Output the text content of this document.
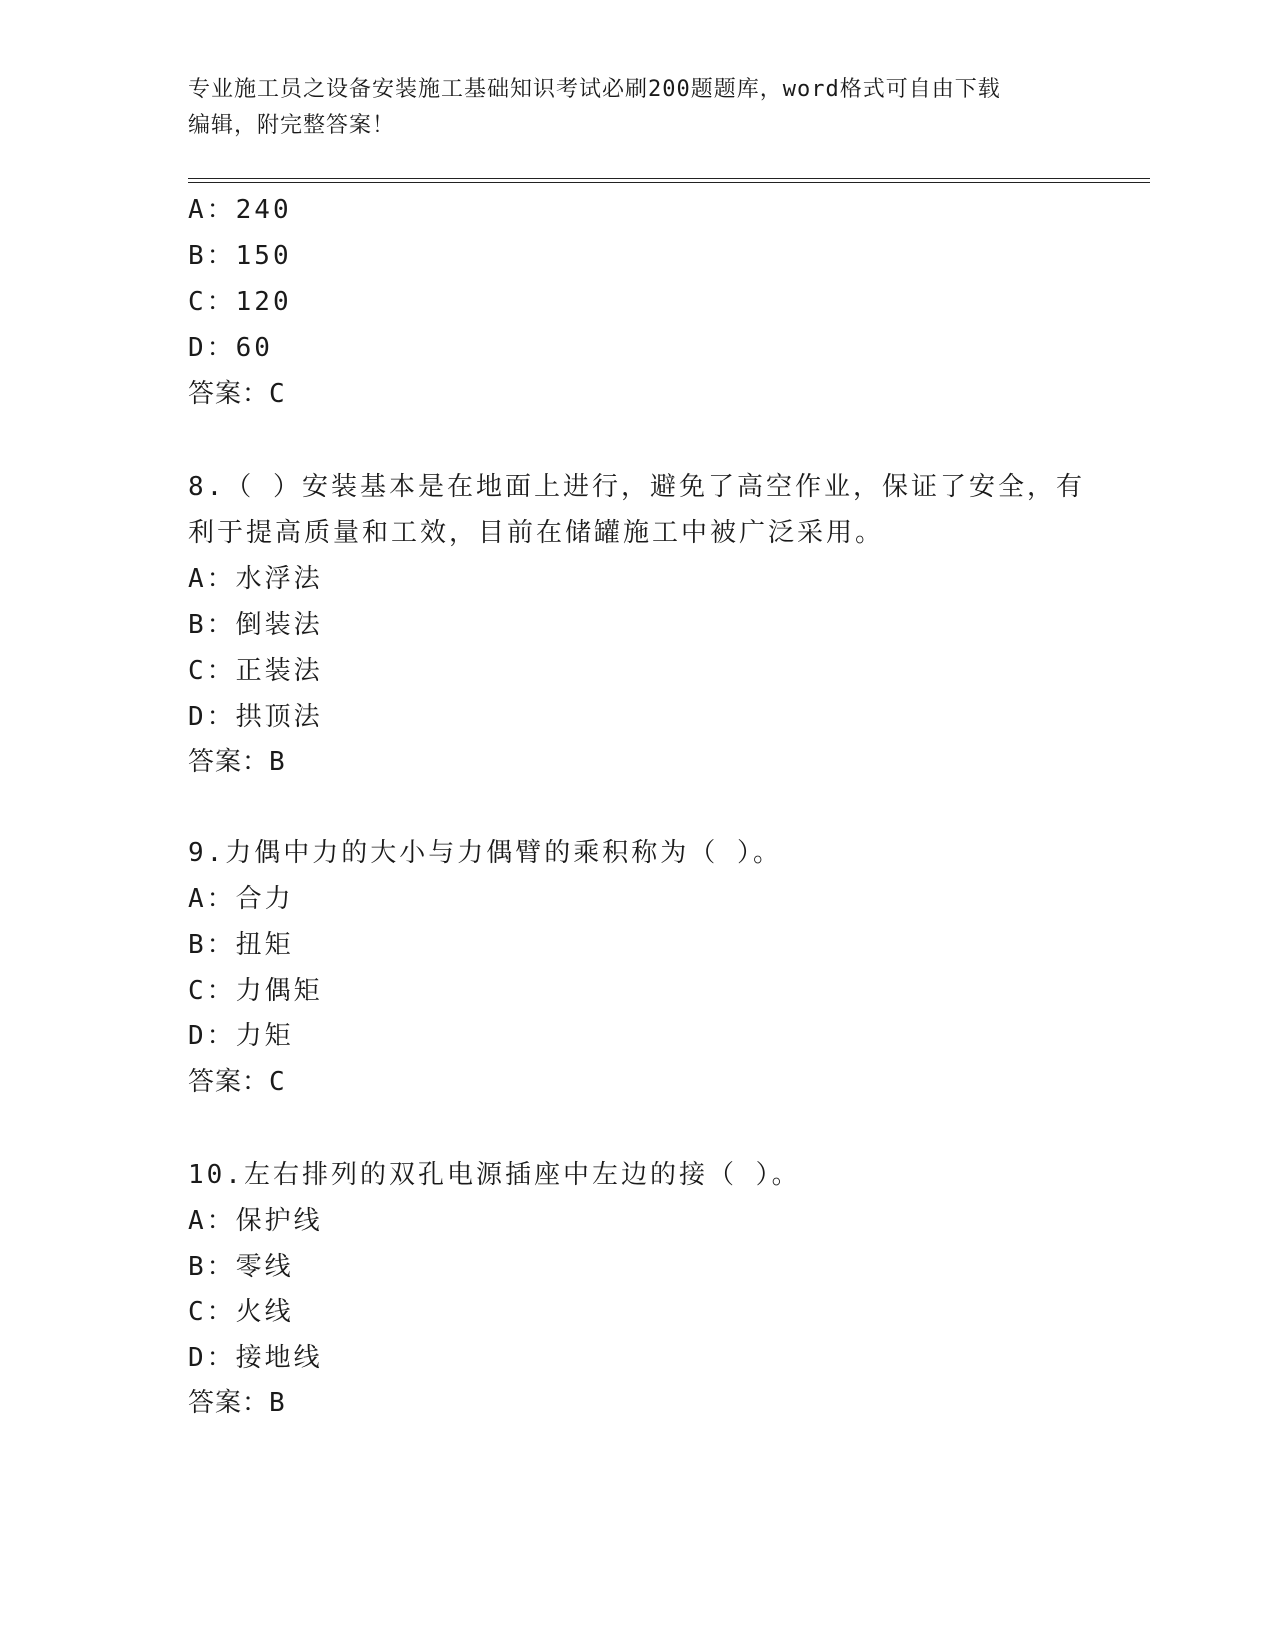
专业施工员之设备安装施工基础知识考试必刷200题题库，word格式可自由下载
编辑，附完整答案！
A：240
B：150
C：120
D：60
答案：C
8.（ ）安装基本是在地面上进行，避免了高空作业，保证了安全，有
利于提高质量和工效，目前在储罐施工中被广泛采用。
A：水浮法
B：倒装法
C：正装法
D：拱顶法
答案：B
9.力偶中力的大小与力偶臂的乘积称为（ ）。
A：合力
B：扭矩
C：力偶矩
D：力矩
答案：C
10.左右排列的双孔电源插座中左边的接（ ）。
A：保护线
B：零线
C：火线
D：接地线
答案：B
